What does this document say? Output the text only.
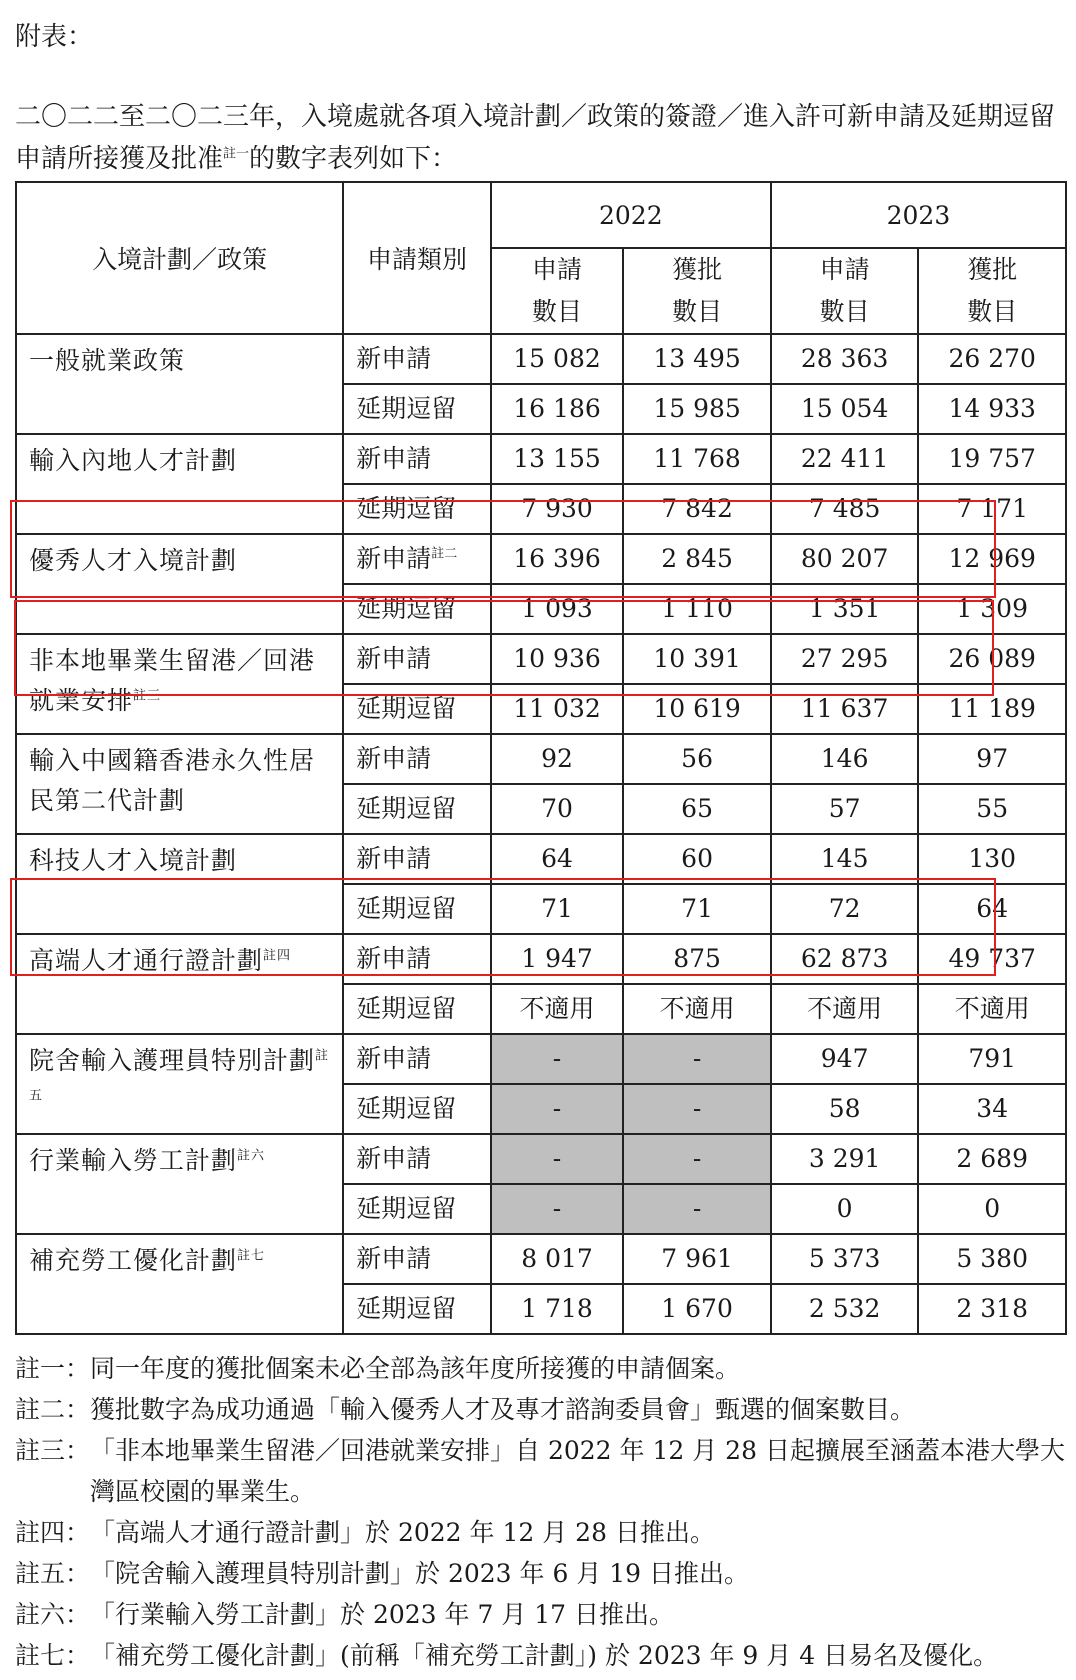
附表：
二〇二二至二〇二三年，入境處就各項入境計劃／政策的簽證／進入許可新申請及延期逗留申請所接獲及批准$^{註一}$的數字表列如下：
入境計劃／政策	申請類別	2022		2023	

		申請數目	獲批數目	申請數目	獲批數目

一般就業政策	新申請	15 082	13 495	28 363	26 270
	延期逗留	16 186	15 985	15 054	14 933
輸入內地人才計劃	新申請	13 155	11 768	22 411	19 757
	延期逗留	7 930	7 842	7 485	7 171
優秀人才入境計劃	新申請$^{註二}$	16 396	2 845	80 207	12 969
	延期逗留	1 093	1 110	1 351	1 309
非本地畢業生留港／回港就業安排$^{註三}$	新申請	10 936	10 391	27 295	26 089
	延期逗留	11 032	10 619	11 637	11 189
輸入中國籍香港永久性居民第二代計劃	新申請	92	56	146	97
	延期逗留	70	65	57	55
科技人才入境計劃	新申請	64	60	145	130
	延期逗留	71	71	72	64
高端人才通行證計劃$^{註四}$	新申請	1 947	875	62 873	49 737
	延期逗留	不適用	不適用	不適用	不適用
院舍輸入護理員特別計劃$^{註五}$	新申請	-	-	947	791
	延期逗留	-	-	58	34
行業輸入勞工計劃$^{註六}$	新申請	-	-	3 291	2 689
	延期逗留	-	-	0	0
補充勞工優化計劃$^{註七}$	新申請	8 017	7 961	5 373	5 380
	延期逗留	1 718	1 670	2 532	2 318
註一： 同一年度的獲批個案未必全部為該年度所接獲的申請個案。
註二： 獲批數字為成功通過「輸入優秀人才及專才諮詢委員會」甄選的個案數目。
註三： 「非本地畢業生留港／回港就業安排」自 2022 年 12 月 28 日起擴展至涵蓋本港大學大灣區校園的畢業生。
註四： 「高端人才通行證計劃」於 2022 年 12 月 28 日推出。
註五： 「院舍輸入護理員特別計劃」於 2023 年 6 月 19 日推出。
註六： 「行業輸入勞工計劃」於 2023 年 7 月 17 日推出。
註七： 「補充勞工優化計劃」(前稱「補充勞工計劃」) 於 2023 年 9 月 4 日易名及優化。
